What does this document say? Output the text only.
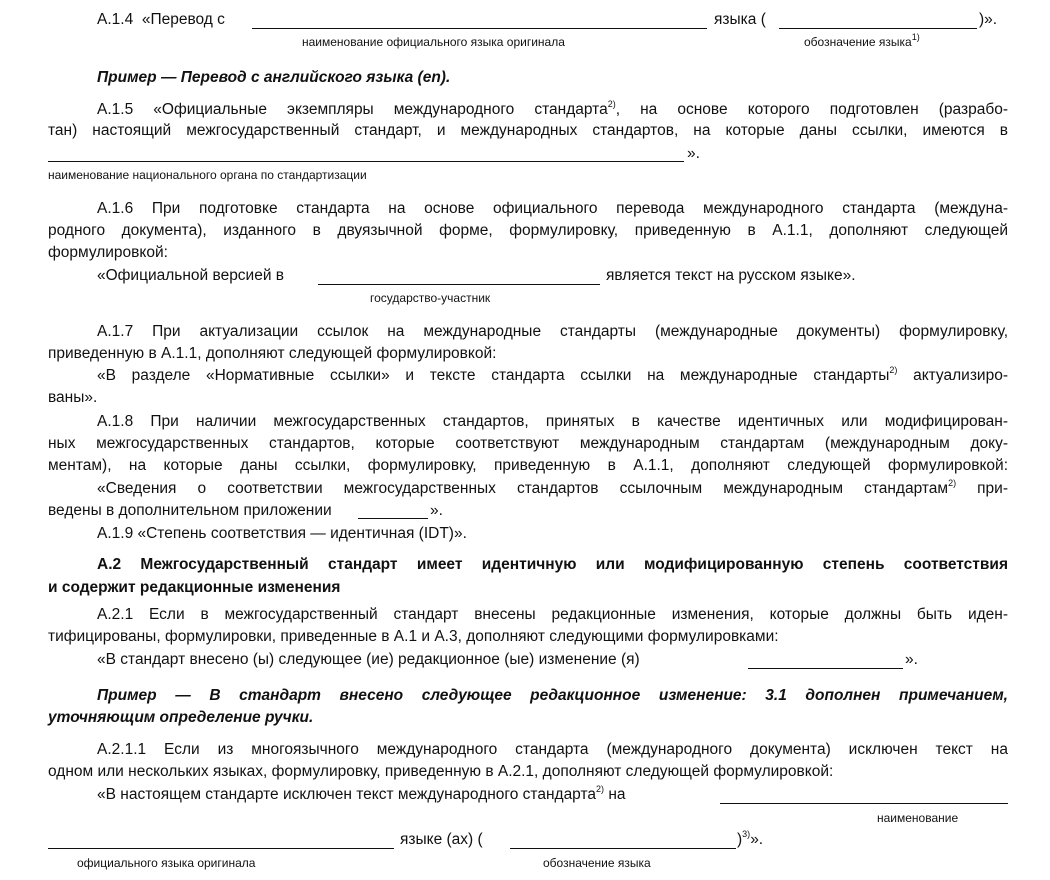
А.1.4 «Перевод с	языка (	)».
наименование официального языка оригинала	обозначение языка$^{1)}$
Пример — Перевод с английского языка (en).
А.1.5 «Официальные экземпляры международного стандарта$^{2)}$, на основе которого подготовлен (разрабо-
тан) настоящий межгосударственный стандарт, и международных стандартов, на которые даны ссылки, имеются в
».
наименование национального органа по стандартизации
А.1.6 При подготовке стандарта на основе официального перевода международного стандарта (междуна-
родного документа), изданного в двуязычной форме, формулировку, приведенную в А.1.1, дополняют следующей
формулировкой:
«Официальной версией в	является текст на русском языке».
государство-участник
А.1.7 При актуализации ссылок на международные стандарты (международные документы) формулировку,
приведенную в А.1.1, дополняют следующей формулировкой:
«В разделе «Нормативные ссылки» и тексте стандарта ссылки на международные стандарты$^{2)}$ актуализиро-
ваны».
А.1.8 При наличии межгосударственных стандартов, принятых в качестве идентичных или модифицирован-
ных межгосударственных стандартов, которые соответствуют международным стандартам (международным доку-
ментам), на которые даны ссылки, формулировку, приведенную в А.1.1, дополняют следующей формулировкой:
«Сведения о соответствии межгосударственных стандартов ссылочным международным стандартам$^{2)}$ при-
ведены в дополнительном приложении	».
А.1.9 «Степень соответствия — идентичная (IDT)».
А.2 Межгосударственный стандарт имеет идентичную или модифицированную степень соответствия
и содержит редакционные изменения
А.2.1 Если в межгосударственный стандарт внесены редакционные изменения, которые должны быть иден-
тифицированы, формулировки, приведенные в А.1 и А.3, дополняют следующими формулировками:
«В стандарт внесено (ы) следующее (ие) редакционное (ые) изменение (я)	».
Пример — В стандарт внесено следующее редакционное изменение: 3.1 дополнен примечанием,
уточняющим определение ручки.
А.2.1.1 Если из многоязычного международного стандарта (международного документа) исключен текст на
одном или нескольких языках, формулировку, приведенную в А.2.1, дополняют следующей формулировкой:
«В настоящем стандарте исключен текст международного стандарта$^{2)}$ на
наименование
языке (ах) (	)$^{3)}$».
официального языка оригинала	обозначение языка
